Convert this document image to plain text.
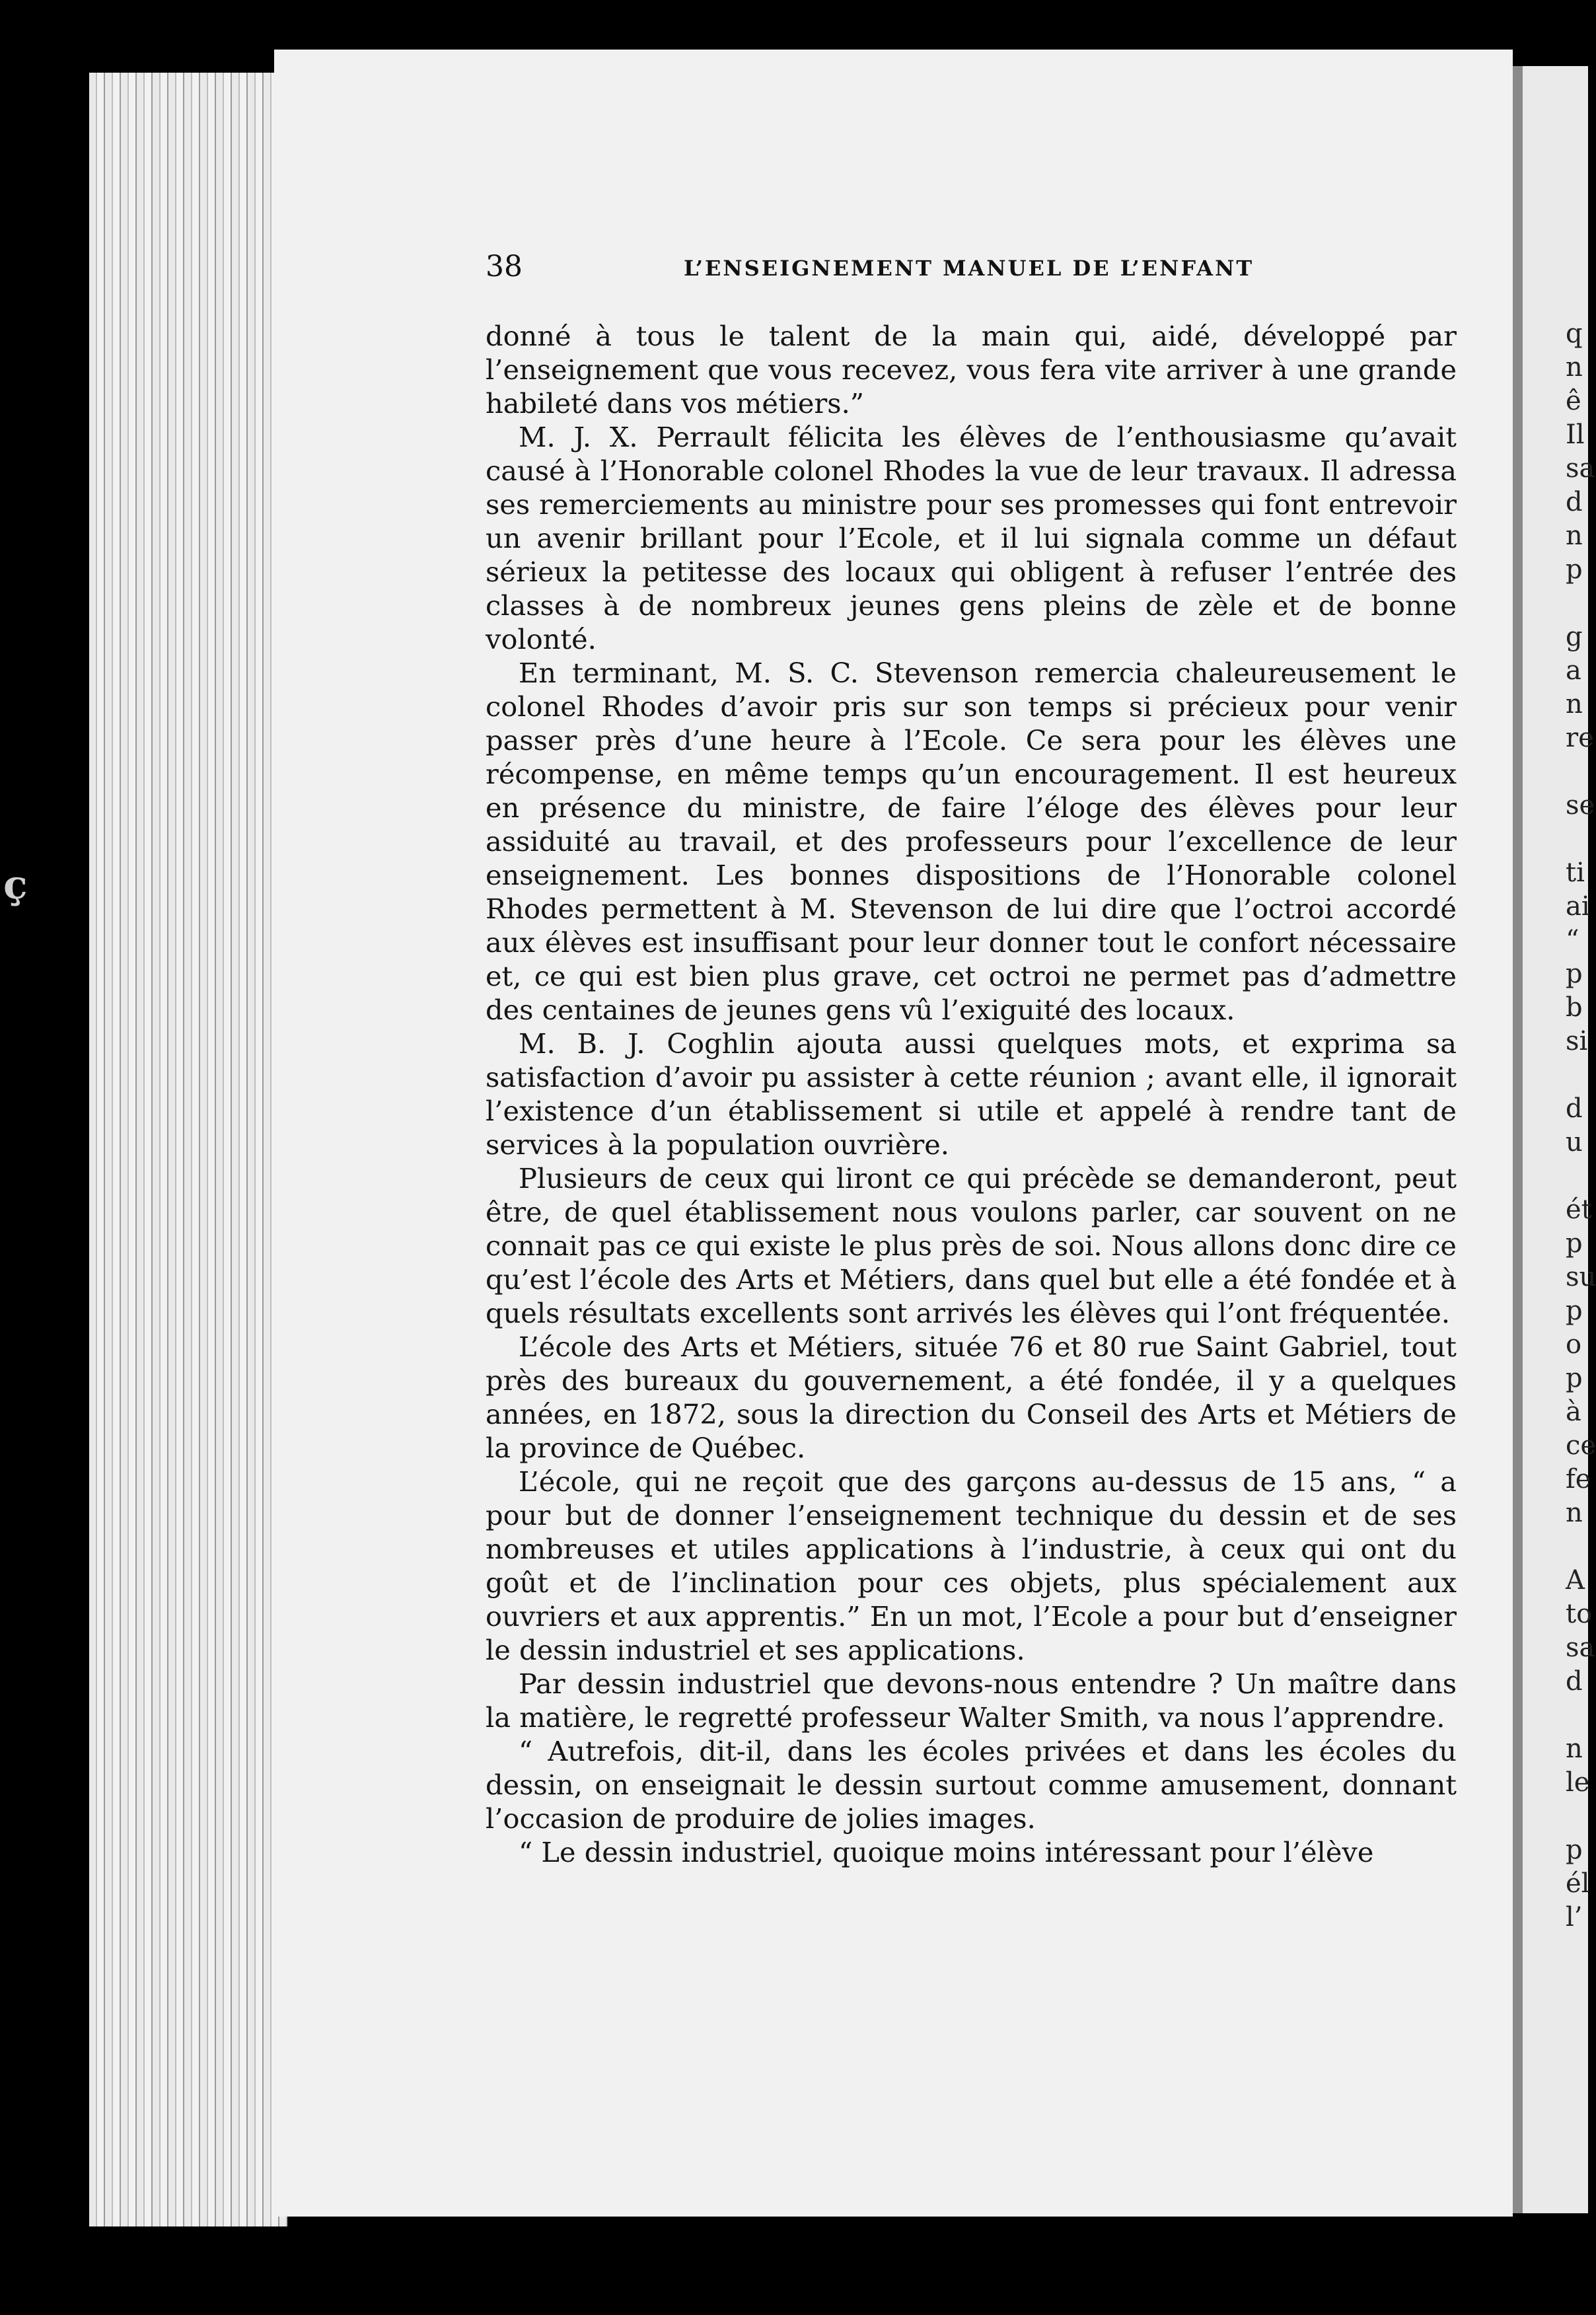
ç
38	L’ENSEIGNEMENT MANUEL DE L’ENFANT

donné à tous le talent de la main qui, aidé, développé par l’enseignement que vous recevez, vous fera vite arriver à une grande habileté dans vos métiers.”

M. J. X. Perrault félicita les élèves de l’enthousiasme qu’avait causé à l’Honorable colonel Rhodes la vue de leur travaux. Il adressa ses remerciements au ministre pour ses promesses qui font entrevoir un avenir brillant pour l’Ecole, et il lui signala comme un défaut sérieux la petitesse des locaux qui obligent à refuser l’entrée des classes à de nombreux jeunes gens pleins de zèle et de bonne volonté.

En terminant, M. S. C. Stevenson remercia chaleureusement le colonel Rhodes d’avoir pris sur son temps si précieux pour venir passer près d’une heure à l’Ecole. Ce sera pour les élèves une récompense, en même temps qu’un encouragement. Il est heureux en présence du ministre, de faire l’éloge des élèves pour leur assiduité au travail, et des professeurs pour l’excellence de leur enseignement. Les bonnes dispositions de l’Honorable colonel Rhodes permettent à M. Stevenson de lui dire que l’octroi accordé aux élèves est insuffisant pour leur donner tout le confort nécessaire et, ce qui est bien plus grave, cet octroi ne permet pas d’admettre des centaines de jeunes gens vû l’exiguité des locaux.

M. B. J. Coghlin ajouta aussi quelques mots, et exprima sa satisfaction d’avoir pu assister à cette réunion ; avant elle, il ignorait l’existence d’un établissement si utile et appelé à rendre tant de services à la population ouvrière.

Plusieurs de ceux qui liront ce qui précède se demanderont, peut être, de quel établissement nous voulons parler, car souvent on ne connait pas ce qui existe le plus près de soi. Nous allons donc dire ce qu’est l’école des Arts et Métiers, dans quel but elle a été fondée et à quels résultats excellents sont arrivés les élèves qui l’ont fréquentée.

L’école des Arts et Métiers, située 76 et 80 rue Saint Gabriel, tout près des bureaux du gouvernement, a été fondée, il y a quelques années, en 1872, sous la direction du Conseil des Arts et Métiers de la province de Québec.

L’école, qui ne reçoit que des garçons au-dessus de 15 ans, “ a pour but de donner l’enseignement technique du dessin et de ses nombreuses et utiles applications à l’industrie, à ceux qui ont du goût et de l’inclination pour ces objets, plus spécialement aux ouvriers et aux apprentis.” En un mot, l’Ecole a pour but d’enseigner le dessin industriel et ses applications.

Par dessin industriel que devons-nous entendre ? Un maître dans la matière, le regretté professeur Walter Smith, va nous l’apprendre.

“ Autrefois, dit-il, dans les écoles privées et dans les écoles du dessin, on enseignait le dessin surtout comme amusement, donnant l’occasion de produire de jolies images.

“ Le dessin industriel, quoique moins intéressant pour l’élève

q
n
ê
Il
sa
d
n
p
g
a
n
re
se
ti
ai
“
p
b
si
d
u
ét
p
su
p
o
p
à
ce
fe
n
A
to
sa
d
n
le
p
él
l’
